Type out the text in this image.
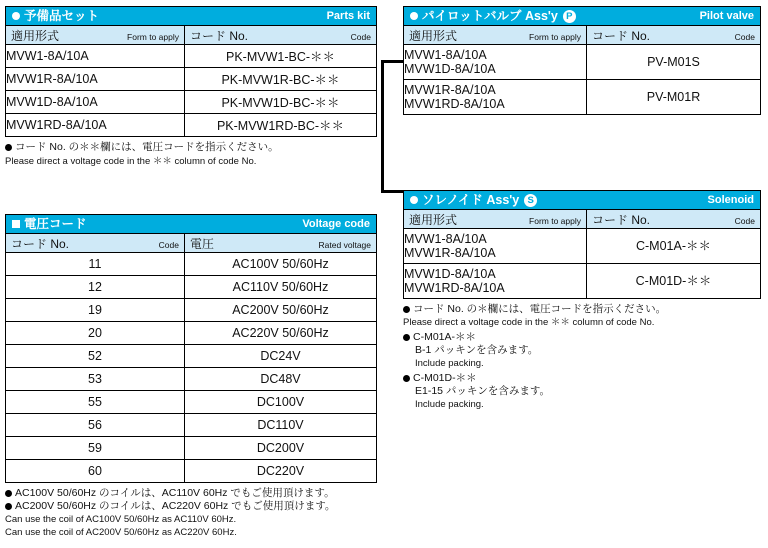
予備品セット	Parts kit
適用形式 Form to apply	コード No. Code

MVW1-8A/10A	PK-MVW1-BC-＊＊
MVW1R-8A/10A	PK-MVW1R-BC-＊＊
MVW1D-8A/10A	PK-MVW1D-BC-＊＊
MVW1RD-8A/10A	PK-MVW1RD-BC-＊＊
コード No. の＊＊欄には、電圧コードを指示ください。
Please direct a voltage code in the ＊＊ column of code No.
電圧コード	Voltage code
コード No. Code	電圧 Rated voltage

11	AC100V 50/60Hz
12	AC110V 50/60Hz
19	AC200V 50/60Hz
20	AC220V 50/60Hz
52	DC24V
53	DC48V
55	DC100V
56	DC110V
59	DC200V
60	DC220V
AC100V 50/60Hz のコイルは、AC110V 60Hz でもご使用頂けます。
AC200V 50/60Hz のコイルは、AC220V 60Hz でもご使用頂けます。
Can use the coil of AC100V 50/60Hz as AC110V 60Hz.
Can use the coil of AC200V 50/60Hz as AC220V 60Hz.
パイロットバルブ Ass'y P	Pilot valve
適用形式 Form to apply	コード No. Code

MVW1-8A/10A
MVW1D-8A/10A	PV-M01S

MVW1R-8A/10A
MVW1RD-8A/10A	PV-M01R
ソレノイド Ass'y S	Solenoid
適用形式 Form to apply	コード No. Code

MVW1-8A/10A
MVW1R-8A/10A	C-M01A-＊＊

MVW1D-8A/10A
MVW1RD-8A/10A	C-M01D-＊＊
コード No. の＊欄には、電圧コードを指示ください。
Please direct a voltage code in the ＊＊ column of code No.
C‐M01A‐＊＊
B‐1 パッキンを含みます。
Include packing.
C‐M01D‐＊＊
E1‐15 パッキンを含みます。
Include packing.
